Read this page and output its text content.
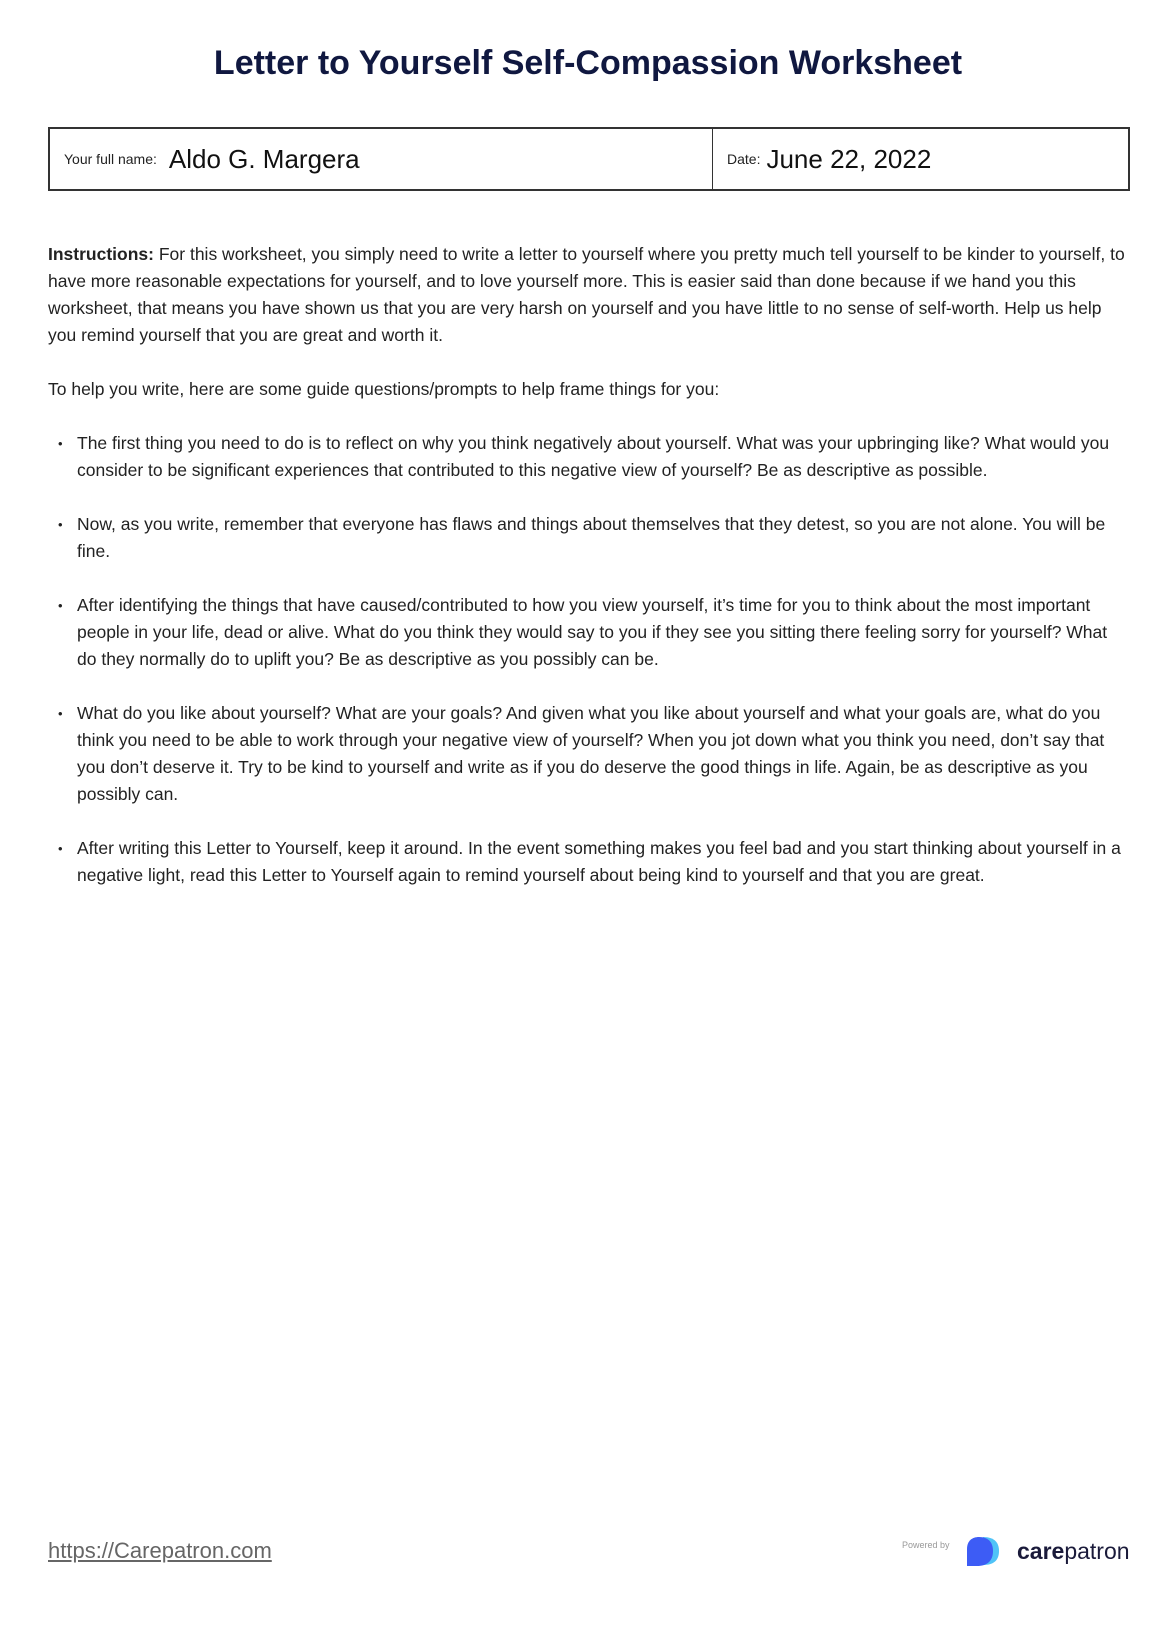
Letter to Yourself Self-Compassion Worksheet
Your full name: Aldo G. Margera	Date: June 22, 2022

Instructions: For this worksheet, you simply need to write a letter to yourself where you pretty much tell yourself to be kinder to yourself, to have more reasonable expectations for yourself, and to love yourself more. This is easier said than done because if we hand you this worksheet, that means you have shown us that you are very harsh on yourself and you have little to no sense of self-worth. Help us help you remind yourself that you are great and worth it.

To help you write, here are some guide questions/prompts to help frame things for you:

• The first thing you need to do is to reflect on why you think negatively about yourself. What was your upbringing like? What would you consider to be significant experiences that contributed to this negative view of yourself? Be as descriptive as possible.
• Now, as you write, remember that everyone has flaws and things about themselves that they detest, so you are not alone. You will be fine.
• After identifying the things that have caused/contributed to how you view yourself, it’s time for you to think about the most important people in your life, dead or alive. What do you think they would say to you if they see you sitting there feeling sorry for yourself? What do they normally do to uplift you? Be as descriptive as you possibly can be.
• What do you like about yourself? What are your goals? And given what you like about yourself and what your goals are, what do you think you need to be able to work through your negative view of yourself? When you jot down what you think you need, don’t say that you don’t deserve it. Try to be kind to yourself and write as if you do deserve the good things in life. Again, be as descriptive as you possibly can.
• After writing this Letter to Yourself, keep it around. In the event something makes you feel bad and you start thinking about yourself in a negative light, read this Letter to Yourself again to remind yourself about being kind to yourself and that you are great.
https://Carepatron.com	Powered by	carepatron
